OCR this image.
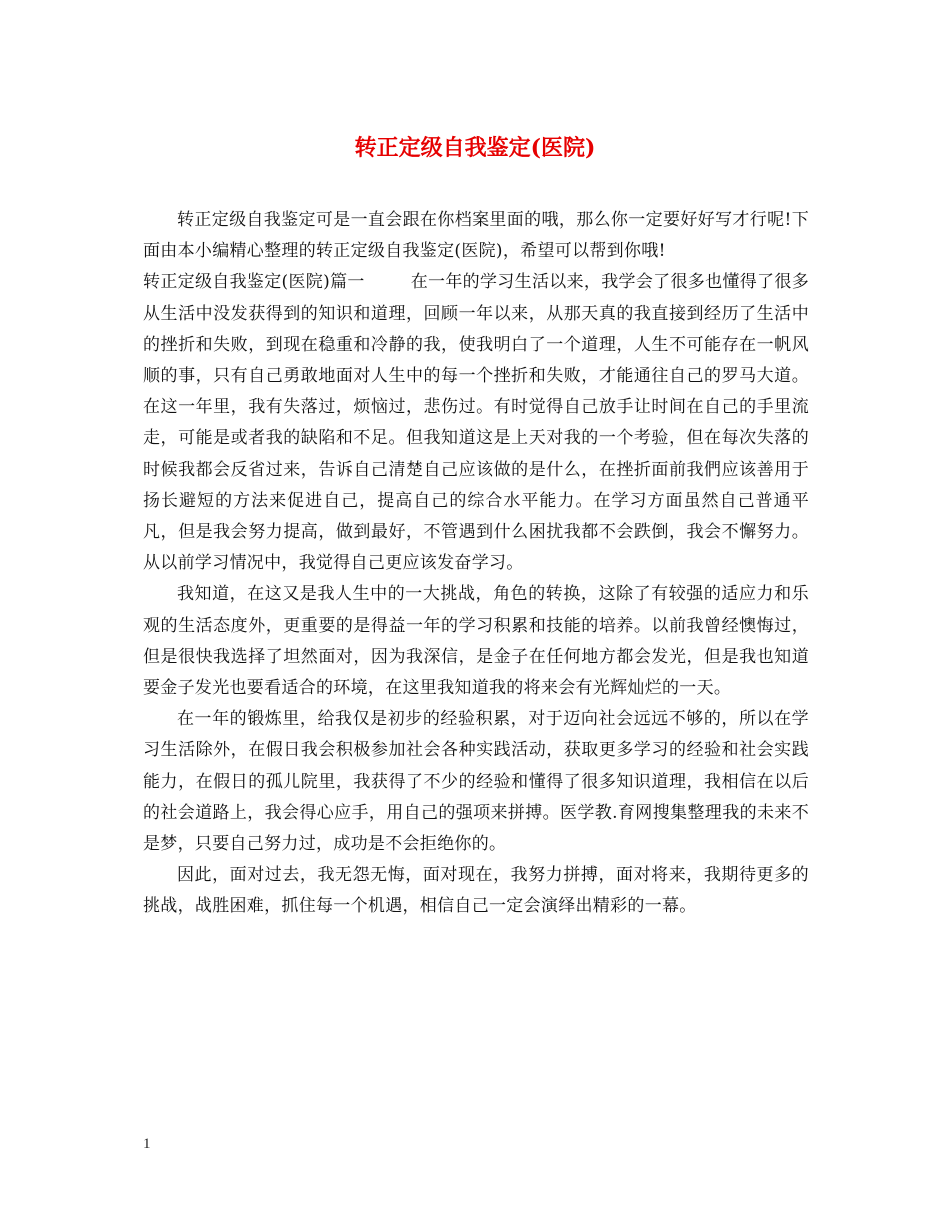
转正定级自我鉴定(医院)

转正定级自我鉴定可是一直会跟在你档案里面的哦，那么你一定要好好写才行呢!下面由本小编精心整理的转正定级自我鉴定(医院)，希望可以帮到你哦!

转正定级自我鉴定(医院)篇一	在一年的学习生活以来，我学会了很多也懂得了很多从生活中没发获得到的知识和道理，回顾一年以来，从那天真的我直接到经历了生活中的挫折和失败，到现在稳重和冷静的我，使我明白了一个道理，人生不可能存在一帆风顺的事，只有自己勇敢地面对人生中的每一个挫折和失败，才能通往自己的罗马大道。在这一年里，我有失落过，烦恼过，悲伤过。有时觉得自己放手让时间在自己的手里流走，可能是或者我的缺陷和不足。但我知道这是上天对我的一个考验，但在每次失落的时候我都会反省过来，告诉自己清楚自己应该做的是什么，在挫折面前我們应该善用于扬长避短的方法来促进自己，提高自己的综合水平能力。在学习方面虽然自己普通平凡，但是我会努力提高，做到最好，不管遇到什么困扰我都不会跌倒，我会不懈努力。从以前学习情况中，我觉得自己更应该发奋学习。

我知道，在这又是我人生中的一大挑战，角色的转换，这除了有较强的适应力和乐观的生活态度外，更重要的是得益一年的学习积累和技能的培养。以前我曾经懊悔过，但是很快我选择了坦然面对，因为我深信，是金子在任何地方都会发光，但是我也知道要金子发光也要看适合的环境，在这里我知道我的将来会有光辉灿烂的一天。

在一年的锻炼里，给我仅是初步的经验积累，对于迈向社会远远不够的，所以在学习生活除外，在假日我会积极参加社会各种实践活动，获取更多学习的经验和社会实践能力，在假日的孤儿院里，我获得了不少的经验和懂得了很多知识道理，我相信在以后的社会道路上，我会得心应手，用自己的强项来拼搏。医学教.育网搜集整理我的未来不是梦，只要自己努力过，成功是不会拒绝你的。

因此，面对过去，我无怨无悔，面对现在，我努力拼搏，面对将来，我期待更多的挑战，战胜困难，抓住每一个机遇，相信自己一定会演绎出精彩的一幕。

1
